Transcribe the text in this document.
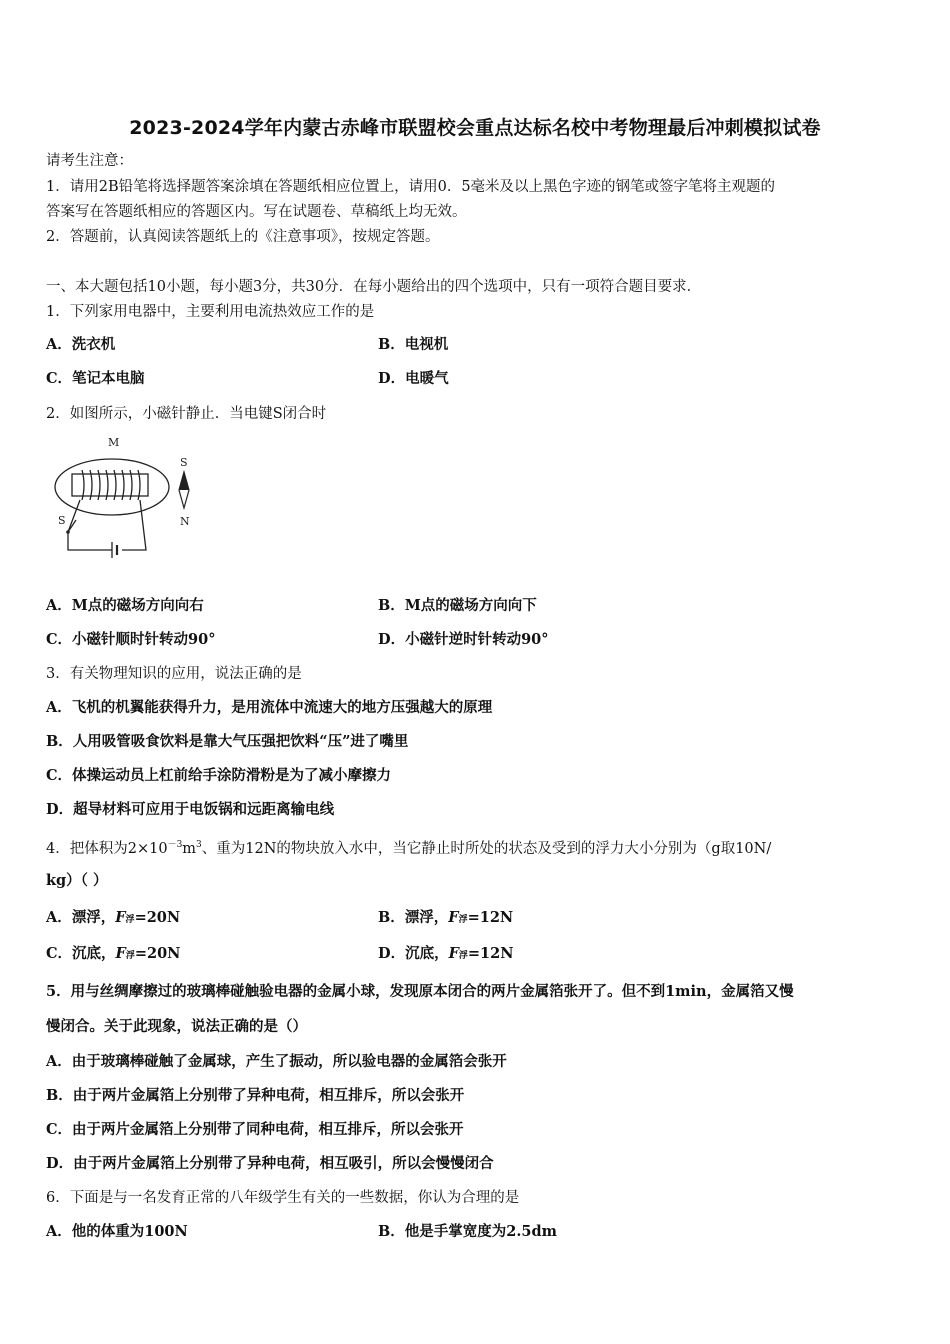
2023-2024学年内蒙古赤峰市联盟校会重点达标名校中考物理最后冲刺模拟试卷
请考生注意：
1．请用2B铅笔将选择题答案涂填在答题纸相应位置上，请用0．5毫米及以上黑色字迹的钢笔或签字笔将主观题的
答案写在答题纸相应的答题区内。写在试题卷、草稿纸上均无效。
2．答题前，认真阅读答题纸上的《注意事项》，按规定答题。
一、本大题包括10小题，每小题3分，共30分．在每小题给出的四个选项中，只有一项符合题目要求．
1．下列家用电器中，主要利用电流热效应工作的是
A．洗衣机	B．电视机
C．笔记本电脑	D．电暖气
2．如图所示，小磁针静止．当电键S闭合时
M
S
N
S
A．M点的磁场方向向右	B．M点的磁场方向向下
C．小磁针顺时针转动90°	D．小磁针逆时针转动90°
3．有关物理知识的应用，说法正确的是
A．飞机的机翼能获得升力，是用流体中流速大的地方压强越大的原理
B．人用吸管吸食饮料是靠大气压强把饮料“压”进了嘴里
C．体操运动员上杠前给手涂防滑粉是为了减小摩擦力
D．超导材料可应用于电饭锅和远距离输电线
4．把体积为$2\times 10^{-3}m^3$、重为12N的物块放入水中，当它静止时所处的状态及受到的浮力大小分别为（g取10N/
kg）（ ）
A．漂浮，F浮=20N	B．漂浮，F浮=12N
C．沉底，F浮=20N	D．沉底，F浮=12N
5．用与丝绸摩擦过的玻璃棒碰触验电器的金属小球，发现原本闭合的两片金属箔张开了。但不到1min，金属箔又慢
慢闭合。关于此现象，说法正确的是（）
A．由于玻璃棒碰触了金属球，产生了振动，所以验电器的金属箔会张开
B．由于两片金属箔上分别带了异种电荷，相互排斥，所以会张开
C．由于两片金属箔上分别带了同种电荷，相互排斥，所以会张开
D．由于两片金属箔上分别带了异种电荷，相互吸引，所以会慢慢闭合
6．下面是与一名发育正常的八年级学生有关的一些数据，你认为合理的是
A．他的体重为100N	B．他是手掌宽度为2.5dm
